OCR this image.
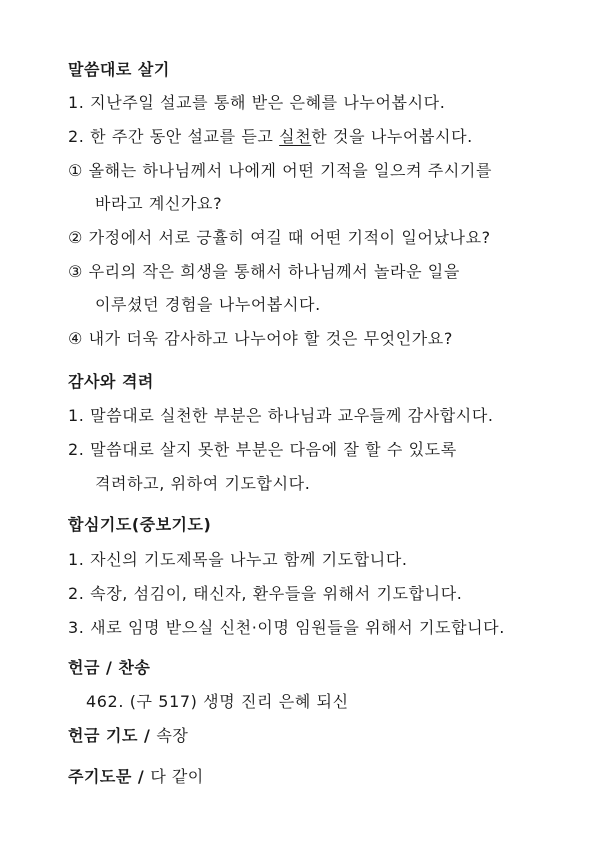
말씀대로 살기
1. 지난주일 설교를 통해 받은 은혜를 나누어봅시다.
2. 한 주간 동안 설교를 듣고 실천한 것을 나누어봅시다.
① 올해는 하나님께서 나에게 어떤 기적을 일으켜 주시기를
바라고 계신가요?
② 가정에서 서로 긍휼히 여길 때 어떤 기적이 일어났나요?
③ 우리의 작은 희생을 통해서 하나님께서 놀라운 일을
이루셨던 경험을 나누어봅시다.
④ 내가 더욱 감사하고 나누어야 할 것은 무엇인가요?
감사와 격려
1. 말씀대로 실천한 부분은 하나님과 교우들께 감사합시다.
2. 말씀대로 살지 못한 부분은 다음에 잘 할 수 있도록
격려하고, 위하여 기도합시다.
합심기도(중보기도)
1. 자신의 기도제목을 나누고 함께 기도합니다.
2. 속장, 섬김이, 태신자, 환우들을 위해서 기도합니다.
3. 새로 임명 받으실 신천·이명 임원들을 위해서 기도합니다.
헌금 / 찬송
462. (구 517) 생명 진리 은혜 되신
헌금 기도 / 속장
주기도문 / 다 같이
